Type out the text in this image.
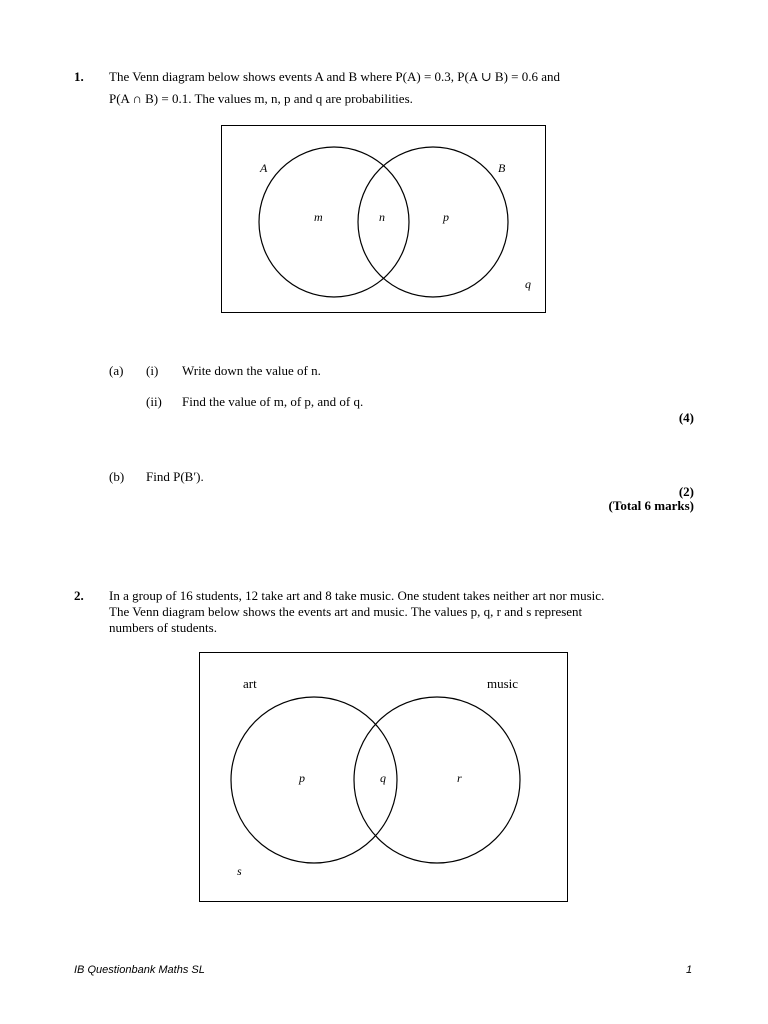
1. The Venn diagram below shows events A and B where P(A) = 0.3, P(A ∪ B) = 0.6 and
P(A ∩ B) = 0.1. The values m, n, p and q are probabilities.
A	B
m	n	p
q
(a) (i) Write down the value of n.
(ii) Find the value of m, of p, and of q.
(4)
(b) Find P(B′).
(2)
(Total 6 marks)
2. In a group of 16 students, 12 take art and 8 take music. One student takes neither art nor music.
The Venn diagram below shows the events art and music. The values p, q, r and s represent
numbers of students.
art	music
p	q	r
s
IB Questionbank Maths SL	1
